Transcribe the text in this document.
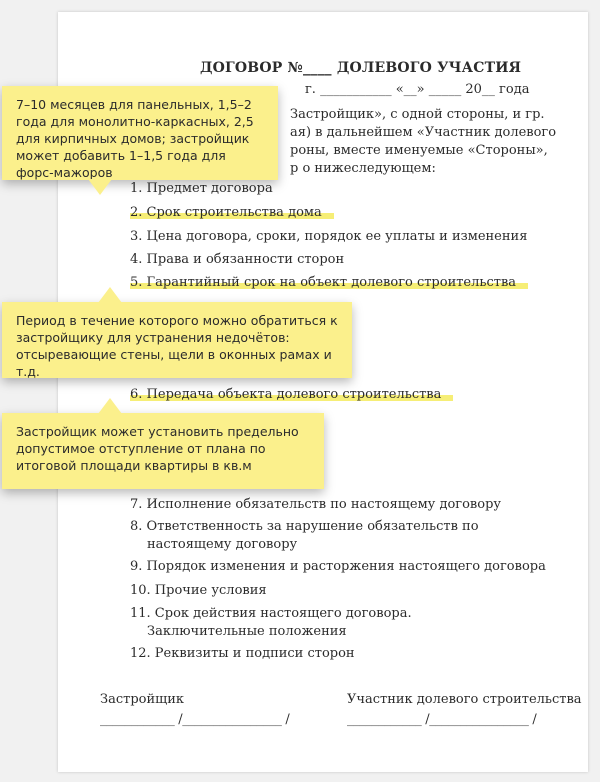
ДОГОВОР №____ ДОЛЕВОГО УЧАСТИЯ
г. ___________ «__» _____ 20__ года
Застройщик», с одной стороны, и гр.
ая) в дальнейшем «Участник долевого
роны, вместе именуемые «Стороны»,
р о нижеследующем:
1. Предмет договора
2. Срок строительства дома
3. Цена договора, сроки, порядок ее уплаты и изменения
4. Права и обязанности сторон
5. Гарантийный срок на объект долевого строительства
6. Передача объекта долевого строительства
7. Исполнение обязательств по настоящему договору
8. Ответственность за нарушение обязательств по настоящему договору
9. Порядок изменения и расторжения настоящего договора
10. Прочие условия
11. Срок действия настоящего договора. Заключительные положения
12. Реквизиты и подписи сторон
Застройщик	Участник долевого строительства
____________ /________________ /	____________ /________________ /
7–10 месяцев для панельных, 1,5–2 года для монолитно-каркасных, 2,5 для кирпичных домов; застройщик может добавить 1–1,5 года для форс-мажоров
Период в течение которого можно обратиться к застройщику для устранения недочётов: отсыревающие стены, щели в оконных рамах и т.д.
Застройщик может установить предельно допустимое отступление от плана по итоговой площади квартиры в кв.м
